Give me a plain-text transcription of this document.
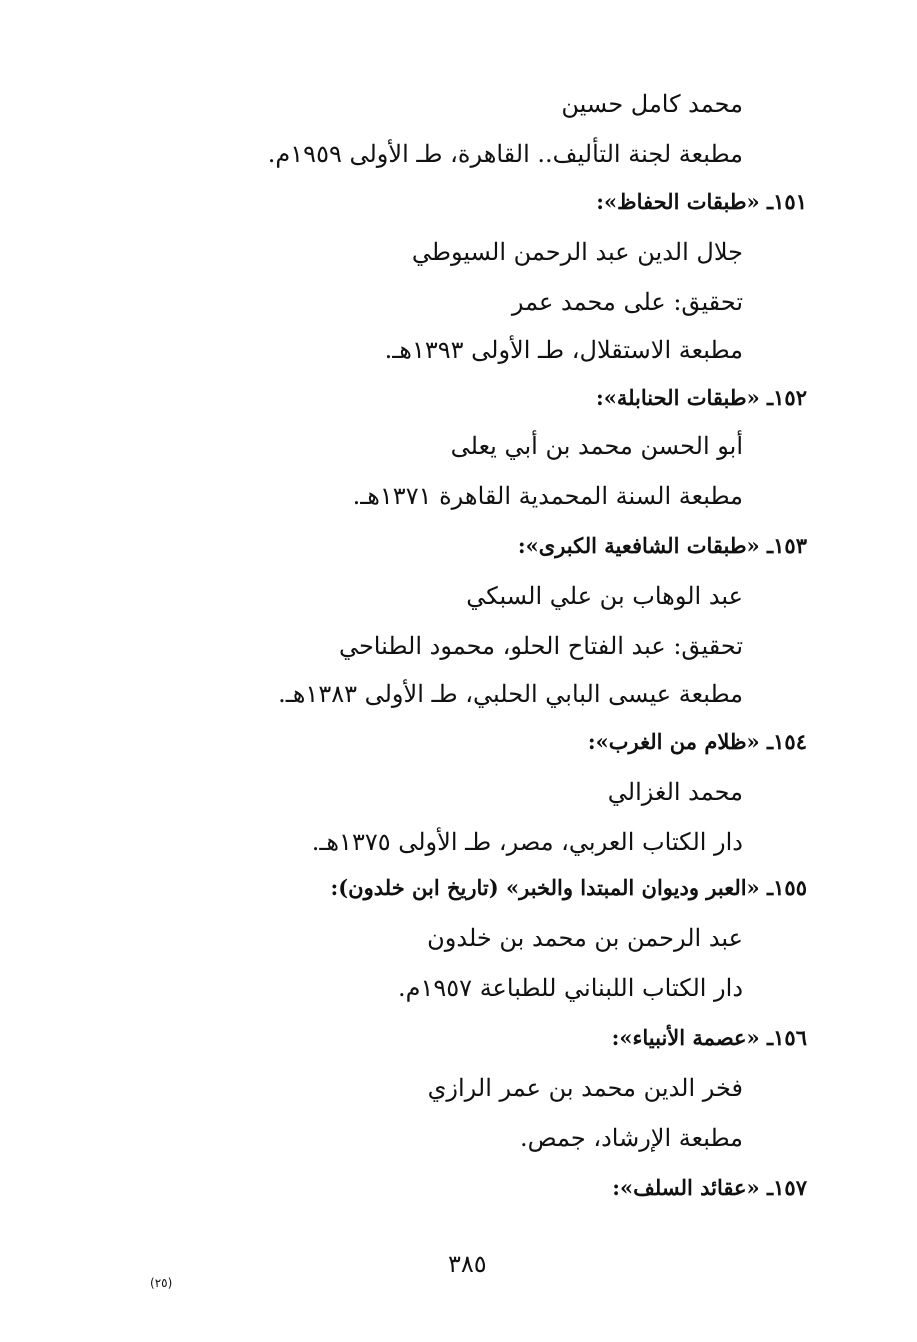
محمد كامل حسين
مطبعة لجنة التأليف.. القاهرة، طـ الأولى ١٩٥٩م.
١٥١ـ «طبقات الحفاظ»:
جلال الدين عبد الرحمن السيوطي
تحقيق: على محمد عمر
مطبعة الاستقلال، طـ الأولى ١٣٩٣هـ.
١٥٢ـ «طبقات الحنابلة»:
أبو الحسن محمد بن أبي يعلى
مطبعة السنة المحمدية القاهرة ١٣٧١هـ.
١٥٣ـ «طبقات الشافعية الكبرى»:
عبد الوهاب بن علي السبكي
تحقيق: عبد الفتاح الحلو، محمود الطناحي
مطبعة عيسى البابي الحلبي، طـ الأولى ١٣٨٣هـ.
١٥٤ـ «ظلام من الغرب»:
محمد الغزالي
دار الكتاب العربي، مصر، طـ الأولى ١٣٧٥هـ.
١٥٥ـ «العبر وديوان المبتدا والخبر» (تاريخ ابن خلدون):
عبد الرحمن بن محمد بن خلدون
دار الكتاب اللبناني للطباعة ١٩٥٧م.
١٥٦ـ «عصمة الأنبياء»:
فخر الدين محمد بن عمر الرازي
مطبعة الإرشاد، جمص.
١٥٧ـ «عقائد السلف»:
٣٨٥
(٢٥)
